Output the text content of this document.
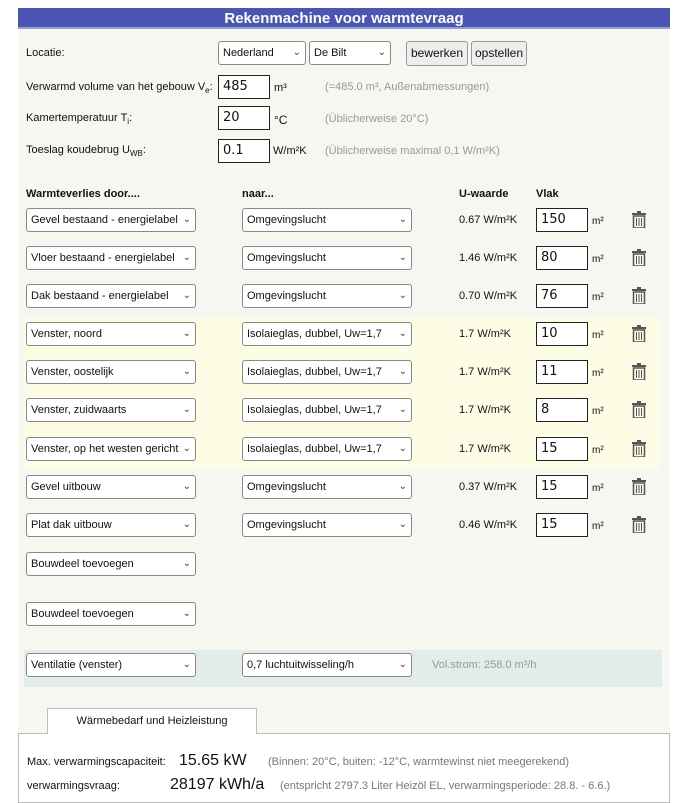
Rekenmachine voor warmtevraag
Locatie:	Nederland	⌄ De Bilt	⌄	bewerken opstellen
Verwarmd volume van het gebouw $V_e$: 485	m³	(=485.0 m³, Außenabmessungen)
Kamertemperatuur $T_i$:	20	°C	(Üblicherweise 20°C)
Toeslag koudebrug $U_{WB}$:	0.1	W/m²K (Üblicherweise maximal 0,1 W/m²K)
Warmteverlies door....	naar...	U-waarde Vlak
Gevel bestaand - energielabel ⌄	Omgevingslucht	⌄	0.67 W/m²K	150	m²
Vloer bestaand - energielabel ⌄	Omgevingslucht	⌄	1.46 W/m²K	80	m²
Dak bestaand - energielabel	⌄	Omgevingslucht	⌄	0.70 W/m²K	76	m²
Venster, noord	⌄	Isolaieglas, dubbel, Uw=1,7	⌄	1.7 W/m²K	10	m²
Venster, oostelijk	⌄	Isolaieglas, dubbel, Uw=1,7	⌄	1.7 W/m²K	11	m²
Venster, zuidwaarts	⌄	Isolaieglas, dubbel, Uw=1,7	⌄	1.7 W/m²K	8	m²
Venster, op het westen gericht ⌄	Isolaieglas, dubbel, Uw=1,7	⌄	1.7 W/m²K	15	m²
Gevel uitbouw	⌄	Omgevingslucht	⌄	0.37 W/m²K	15	m²
Plat dak uitbouw	⌄	Omgevingslucht	⌄	0.46 W/m²K	15	m²
Bouwdeel toevoegen	⌄
Bouwdeel toevoegen	⌄
Ventilatie (venster)	⌄	0,7 luchtuitwisseling/h	⌄ Vol.strom: 258.0 m³/h
Wärmebedarf und Heizleistung
Max. verwarmingscapaciteit: 15.65 kW (Binnen: 20°C, buiten: -12°C, warmtewinst niet meegerekend)
verwarmingsvraag:	28197 kWh/a (entspricht 2797.3 Liter Heizöl EL, verwarmingsperiode: 28.8. - 6.6.)
